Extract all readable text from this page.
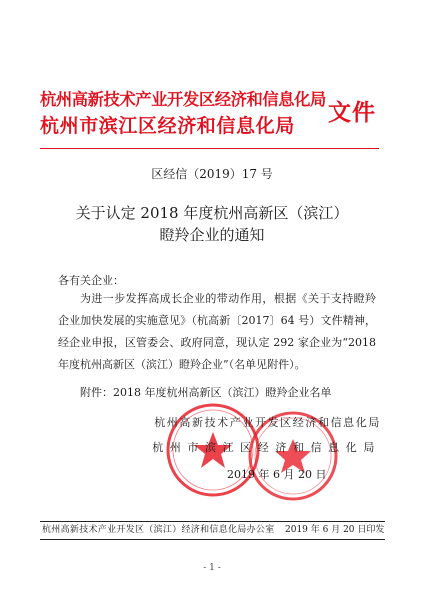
杭州高新技术产业开发区经济和信息化局
杭州市滨江区经济和信息化局	文件
区经信（2019）17 号
关于认定 2018 年度杭州高新区（滨江）
瞪羚企业的通知
各有关企业：
为进一步发挥高成长企业的带动作用，根据《关于支持瞪羚企业加快发展的实施意见》（杭高新〔2017〕64 号）文件精神，经企业申报，区管委会、政府同意，现认定 292 家企业为“2018 年度杭州高新区（滨江）瞪羚企业”（名单见附件）。
附件：2018 年度杭州高新区（滨江）瞪羚企业名单
杭州高新技术产业开发区经济和信息化局
杭州市滨江区经济和信息化局
2019 年 6 月 20 日
杭州高新技术产业开发区（滨江）经济和信息化局办公室 2019 年 6 月 20 日印发
- 1 -
